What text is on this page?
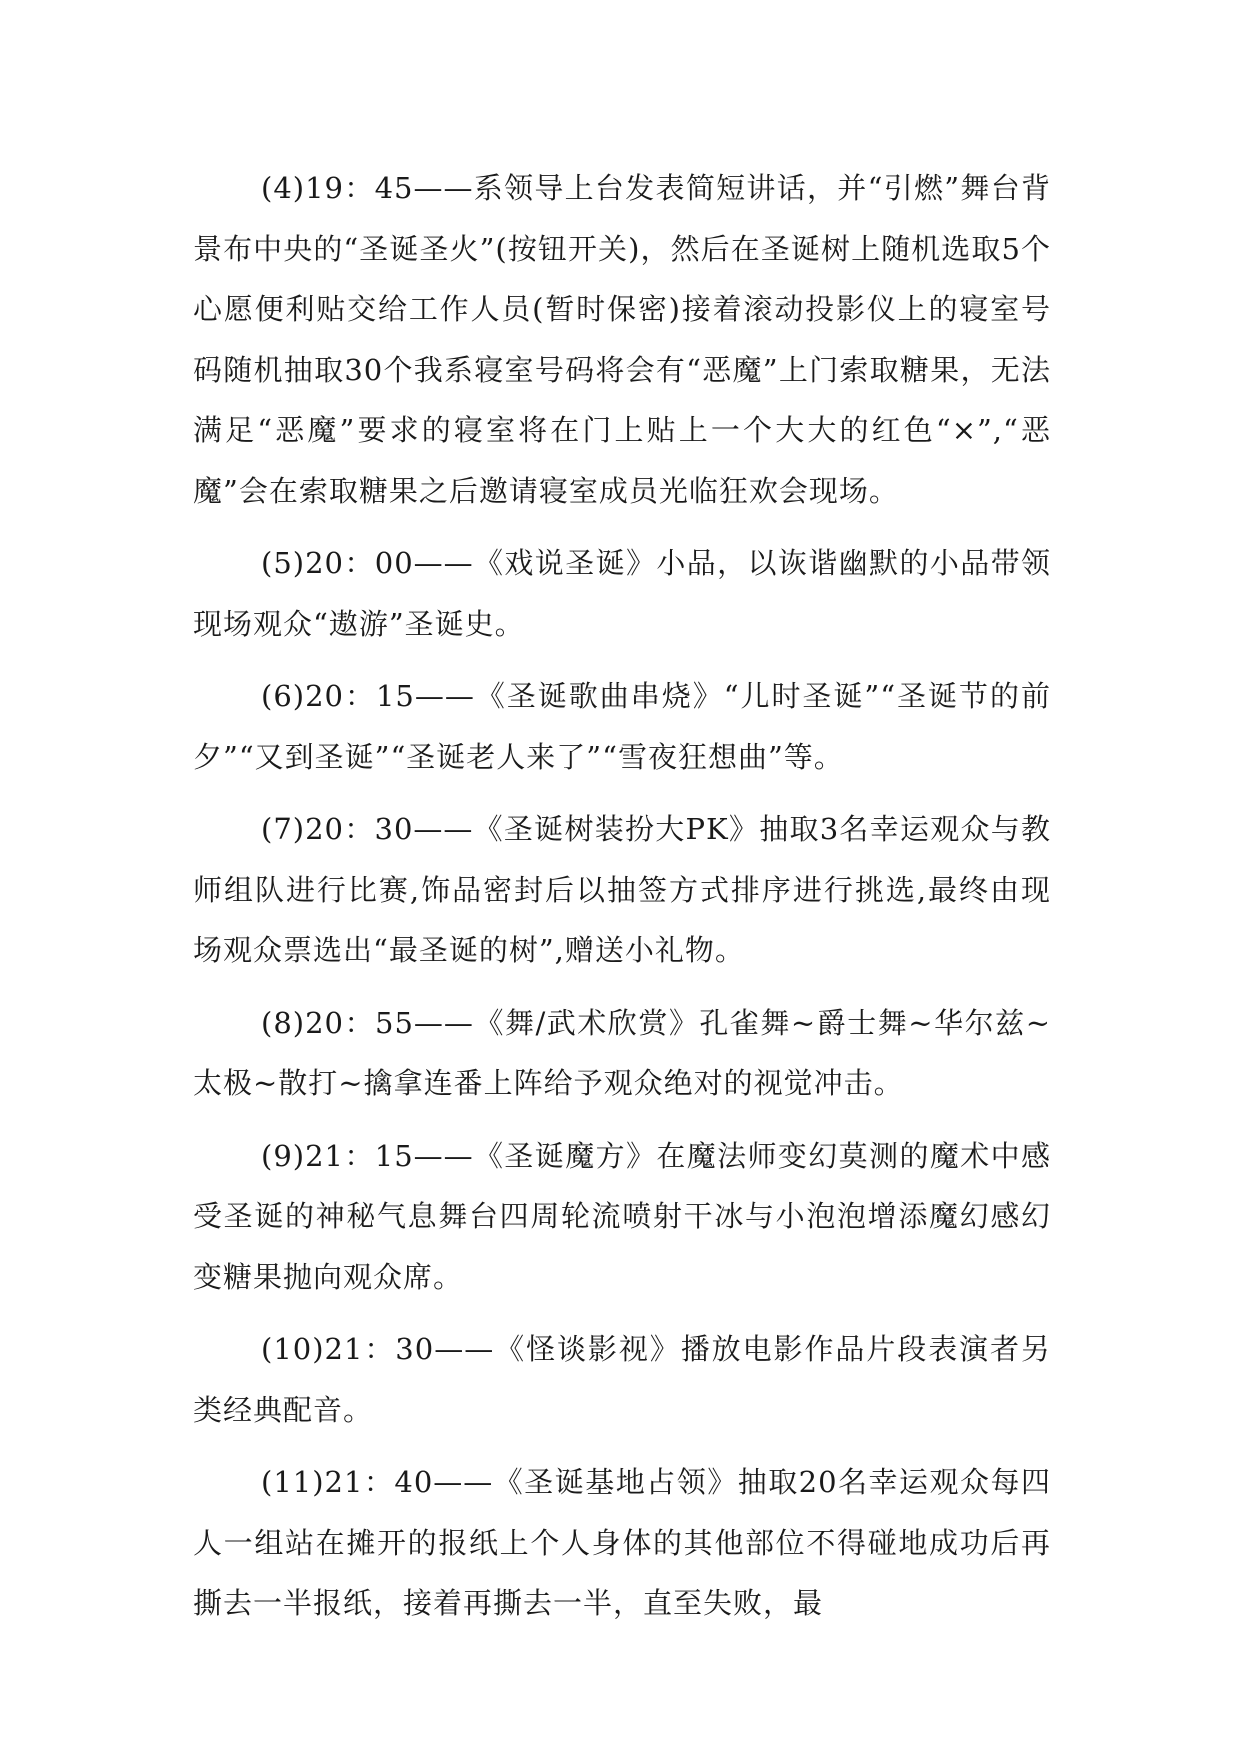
(4)19：45——系领导上台发表简短讲话，并“引燃”舞台背景布中央的“圣诞圣火”(按钮开关)，然后在圣诞树上随机选取5个心愿便利贴交给工作人员(暂时保密)接着滚动投影仪上的寝室号码随机抽取30个我系寝室号码将会有“恶魔”上门索取糖果，无法满足“恶魔”要求的寝室将在门上贴上一个大大的红色“×”,“恶魔”会在索取糖果之后邀请寝室成员光临狂欢会现场。

(5)20：00——《戏说圣诞》小品，以诙谐幽默的小品带领现场观众“遨游”圣诞史。

(6)20：15——《圣诞歌曲串烧》“儿时圣诞”“圣诞节的前夕”“又到圣诞”“圣诞老人来了”“雪夜狂想曲”等。

(7)20：30——《圣诞树装扮大PK》抽取3名幸运观众与教师组队进行比赛,饰品密封后以抽签方式排序进行挑选,最终由现场观众票选出“最圣诞的树”,赠送小礼物。

(8)20：55——《舞/武术欣赏》孔雀舞~爵士舞~华尔兹~太极~散打~擒拿连番上阵给予观众绝对的视觉冲击。

(9)21：15——《圣诞魔方》在魔法师变幻莫测的魔术中感受圣诞的神秘气息舞台四周轮流喷射干冰与小泡泡增添魔幻感幻变糖果抛向观众席。

(10)21：30——《怪谈影视》播放电影作品片段表演者另类经典配音。

(11)21：40——《圣诞基地占领》抽取20名幸运观众每四人一组站在摊开的报纸上个人身体的其他部位不得碰地成功后再撕去一半报纸，接着再撕去一半，直至失败，最
